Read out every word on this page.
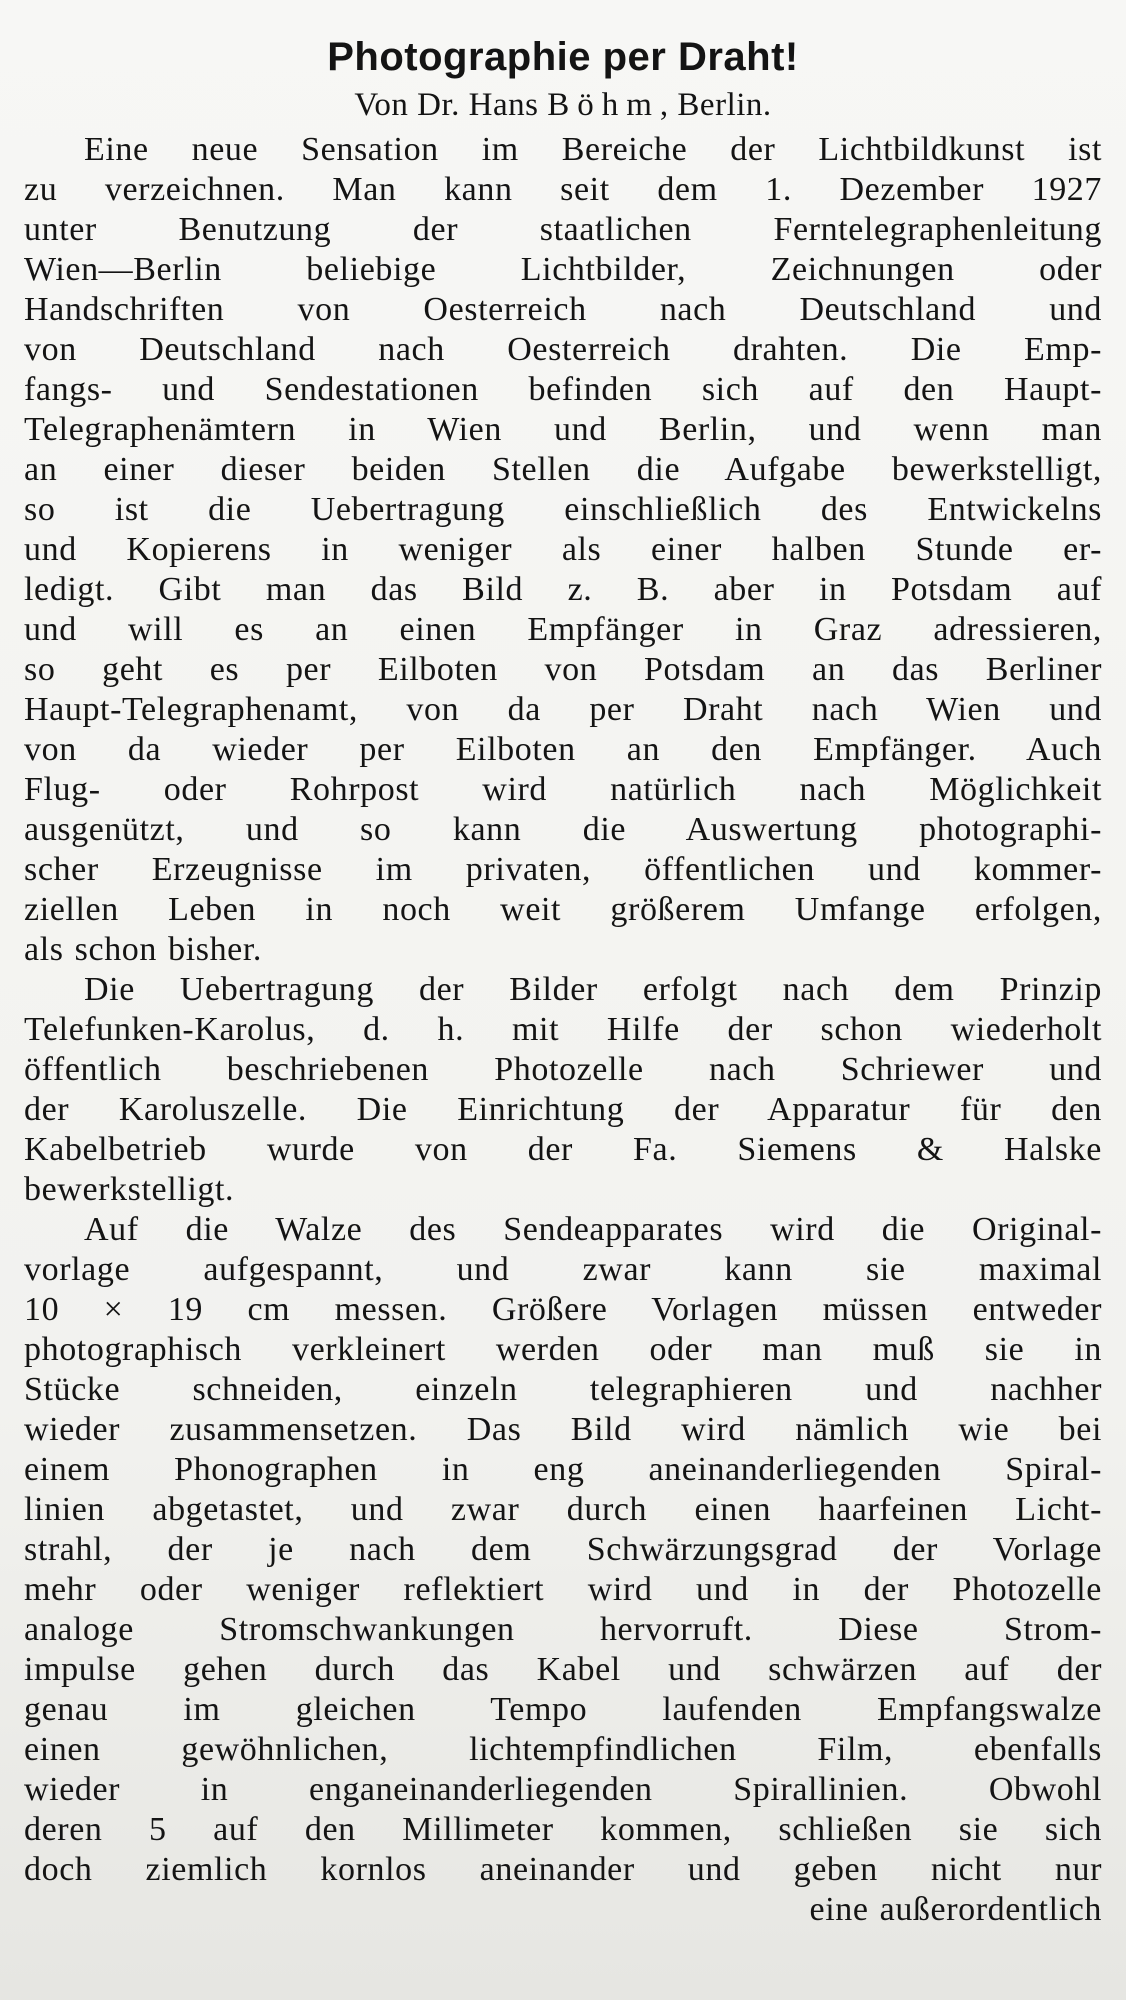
Photographie per Draht!

Von Dr. Hans Böhm, Berlin.

Eine neue Sensation im Bereiche der Lichtbildkunst ist
zu verzeichnen. Man kann seit dem 1. Dezember 1927
unter Benutzung der staatlichen Ferntelegraphenleitung
Wien—Berlin beliebige Lichtbilder, Zeichnungen oder
Handschriften von Oesterreich nach Deutschland und
von Deutschland nach Oesterreich drahten. Die Emp-
fangs- und Sendestationen befinden sich auf den Haupt-
Telegraphenämtern in Wien und Berlin, und wenn man
an einer dieser beiden Stellen die Aufgabe bewerkstelligt,
so ist die Uebertragung einschließlich des Entwickelns
und Kopierens in weniger als einer halben Stunde er-
ledigt. Gibt man das Bild z. B. aber in Potsdam auf
und will es an einen Empfänger in Graz adressieren,
so geht es per Eilboten von Potsdam an das Berliner
Haupt-Telegraphenamt, von da per Draht nach Wien und
von da wieder per Eilboten an den Empfänger. Auch
Flug- oder Rohrpost wird natürlich nach Möglichkeit
ausgenützt, und so kann die Auswertung photographi-
scher Erzeugnisse im privaten, öffentlichen und kommer-
ziellen Leben in noch weit größerem Umfange erfolgen,
als schon bisher.

Die Uebertragung der Bilder erfolgt nach dem Prinzip
Telefunken-Karolus, d. h. mit Hilfe der schon wiederholt
öffentlich beschriebenen Photozelle nach Schriewer und
der Karoluszelle. Die Einrichtung der Apparatur für den
Kabelbetrieb wurde von der Fa. Siemens & Halske
bewerkstelligt.

Auf die Walze des Sendeapparates wird die Original-
vorlage aufgespannt, und zwar kann sie maximal
10 × 19 cm messen. Größere Vorlagen müssen entweder
photographisch verkleinert werden oder man muß sie in
Stücke schneiden, einzeln telegraphieren und nachher
wieder zusammensetzen. Das Bild wird nämlich wie bei
einem Phonographen in eng aneinanderliegenden Spiral-
linien abgetastet, und zwar durch einen haarfeinen Licht-
strahl, der je nach dem Schwärzungsgrad der Vorlage
mehr oder weniger reflektiert wird und in der Photozelle
analoge Stromschwankungen hervorruft. Diese Strom-
impulse gehen durch das Kabel und schwärzen auf der
genau im gleichen Tempo laufenden Empfangswalze
einen gewöhnlichen, lichtempfindlichen Film, ebenfalls
wieder in enganeinanderliegenden Spirallinien. Obwohl
deren 5 auf den Millimeter kommen, schließen sie sich
doch ziemlich kornlos aneinander und geben nicht nur
eine außerordentlich
